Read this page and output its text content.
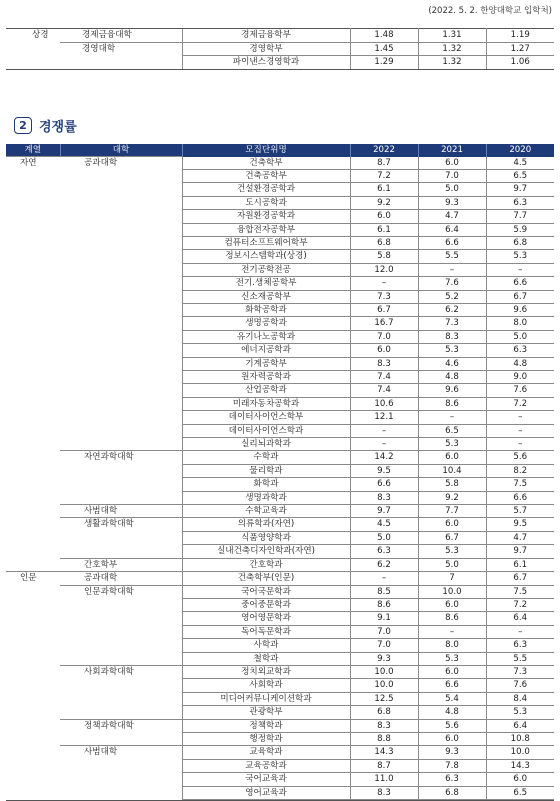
(2022. 5. 2. 한양대학교 입학처)
상경	경제금융대학	경제금융학부	1.48	1.31	1.19
	경영대학	경영학부	1.45	1.32	1.27
		파이낸스경영학과	1.29	1.32	1.06
2 경쟁률
계열	대학	모집단위명	2022	2021	2020
자연	공과대학	건축학부	8.7	6.0	4.5
		건축공학부	7.2	7.0	6.5
		건설환경공학과	6.1	5.0	9.7
		도시공학과	9.2	9.3	6.3
		자원환경공학과	6.0	4.7	7.7
		융합전자공학부	6.1	6.4	5.9
		컴퓨터소프트웨어학부	6.8	6.6	6.8
		정보시스템학과(상경)	5.8	5.5	5.3
		전기공학전공	12.0	–	–
		전기.생체공학부	–	7.6	6.6
		신소재공학부	7.3	5.2	6.7
		화학공학과	6.7	6.2	9.6
		생명공학과	16.7	7.3	8.0
		유기나노공학과	7.0	8.3	5.0
		에너지공학과	6.0	5.3	6.3
		기계공학부	8.3	4.6	4.8
		원자력공학과	7.4	4.8	9.0
		산업공학과	7.4	9.6	7.6
		미래자동차공학과	10.6	8.6	7.2
		데이터사이언스학부	12.1	–	–
		데이터사이언스학과	–	6.5	–
		실리뇌과학과	–	5.3	–
	자연과학대학	수학과	14.2	6.0	5.6
		물리학과	9.5	10.4	8.2
		화학과	6.6	5.8	7.5
		생명과학과	8.3	9.2	6.6
	사범대학	수학교육과	9.7	7.7	5.7
	생활과학대학	의류학과(자연)	4.5	6.0	9.5
		식품영양학과	5.0	6.7	4.7
		실내건축디자인학과(자연)	6.3	5.3	9.7
	간호학부	간호학과	6.2	5.0	6.1
인문	공과대학	건축학부(인문)	–	7	6.7
	인문과학대학	국어국문학과	8.5	10.0	7.5
		중어중문학과	8.6	6.0	7.2
		영어영문학과	9.1	8.6	6.4
		독어독문학과	7.0	–	–
		사학과	7.0	8.0	6.3
		철학과	9.3	5.3	5.5
	사회과학대학	정치외교학과	10.0	6.0	7.3
		사회학과	10.0	6.6	7.6
		미디어커뮤니케이션학과	12.5	5.4	8.4
		관광학부	6.8	4.8	5.3
	정책과학대학	정책학과	8.3	5.6	6.4
		행정학과	8.8	6.0	10.8
	사범대학	교육학과	14.3	9.3	10.0
		교육공학과	8.7	7.8	14.3
		국어교육과	11.0	6.3	6.0
		영어교육과	8.3	6.8	6.5
